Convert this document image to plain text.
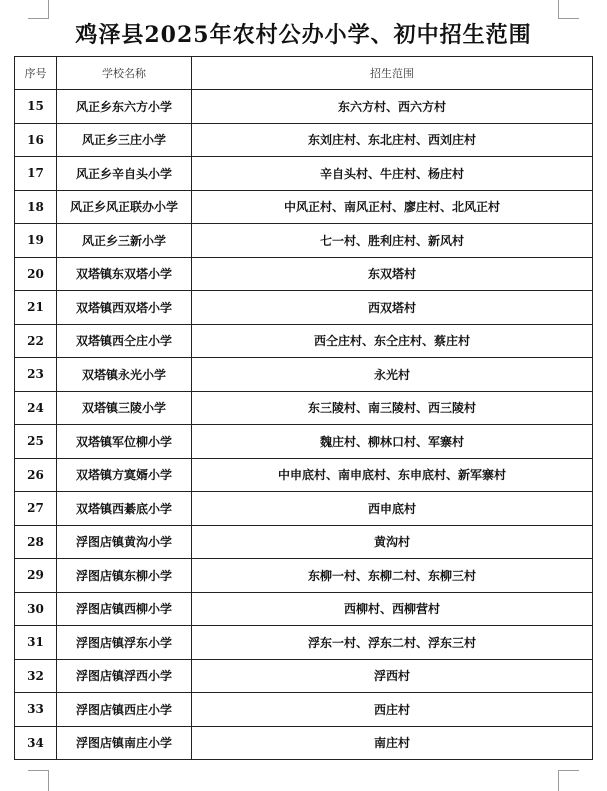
鸡泽县2025年农村公办小学、初中招生范围
序号	学校名称	招生范围
15	风正乡东六方小学	东六方村、西六方村
16	风正乡三庄小学	东刘庄村、东北庄村、西刘庄村
17	风正乡辛自头小学	辛自头村、牛庄村、杨庄村
18	风正乡风正联办小学	中风正村、南风正村、廖庄村、北风正村
19	风正乡三新小学	七一村、胜利庄村、新风村
20	双塔镇东双塔小学	东双塔村
21	双塔镇西双塔小学	西双塔村
22	双塔镇西仝庄小学	西仝庄村、东仝庄村、蔡庄村
23	双塔镇永光小学	永光村
24	双塔镇三陵小学	东三陵村、南三陵村、西三陵村
25	双塔镇军位柳小学	魏庄村、柳林口村、军寨村
26	双塔镇方寞婿小学	中申底村、南申底村、东申底村、新军寨村
27	双塔镇西綦底小学	西申底村
28	浮图店镇黄沟小学	黄沟村
29	浮图店镇东柳小学	东柳一村、东柳二村、东柳三村
30	浮图店镇西柳小学	西柳村、西柳营村
31	浮图店镇浮东小学	浮东一村、浮东二村、浮东三村
32	浮图店镇浮西小学	浮西村
33	浮图店镇西庄小学	西庄村
34	浮图店镇南庄小学	南庄村
